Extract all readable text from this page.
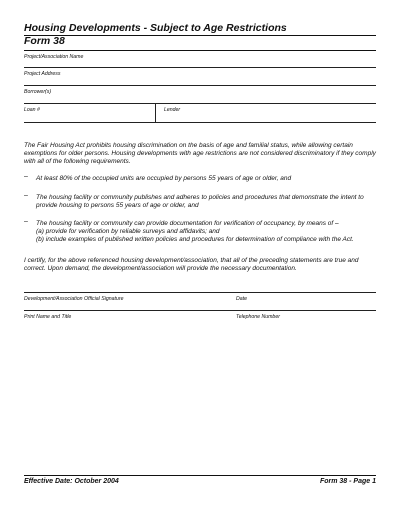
Housing Developments - Subject to Age Restrictions
Form 38
Project/Association Name
Project Address
Borrower(s)
Loan #	Lender
The Fair Housing Act prohibits housing discrimination on the basis of age and familial status, while allowing certain exemptions for older persons. Housing developments with age restrictions are not considered discriminatory if they comply with all of the following requirements.
– At least 80% of the occupied units are occupied by persons 55 years of age or older, and
– The housing facility or community publishes and adheres to policies and procedures that demonstrate the intent to provide housing to persons 55 years of age or older, and
– The housing facility or community can provide documentation for verification of occupancy, by means of –
(a) provide for verification by reliable surveys and affidavits; and
(b) include examples of published written policies and procedures for determination of compliance with the Act.
I certify, for the above referenced housing development/association, that all of the preceding statements are true and correct. Upon demand, the development/association will provide the necessary documentation.
Development/Association Official Signature	Date
Print Name and Title	Telephone Number
Effective Date: October 2004	Form 38 - Page 1
